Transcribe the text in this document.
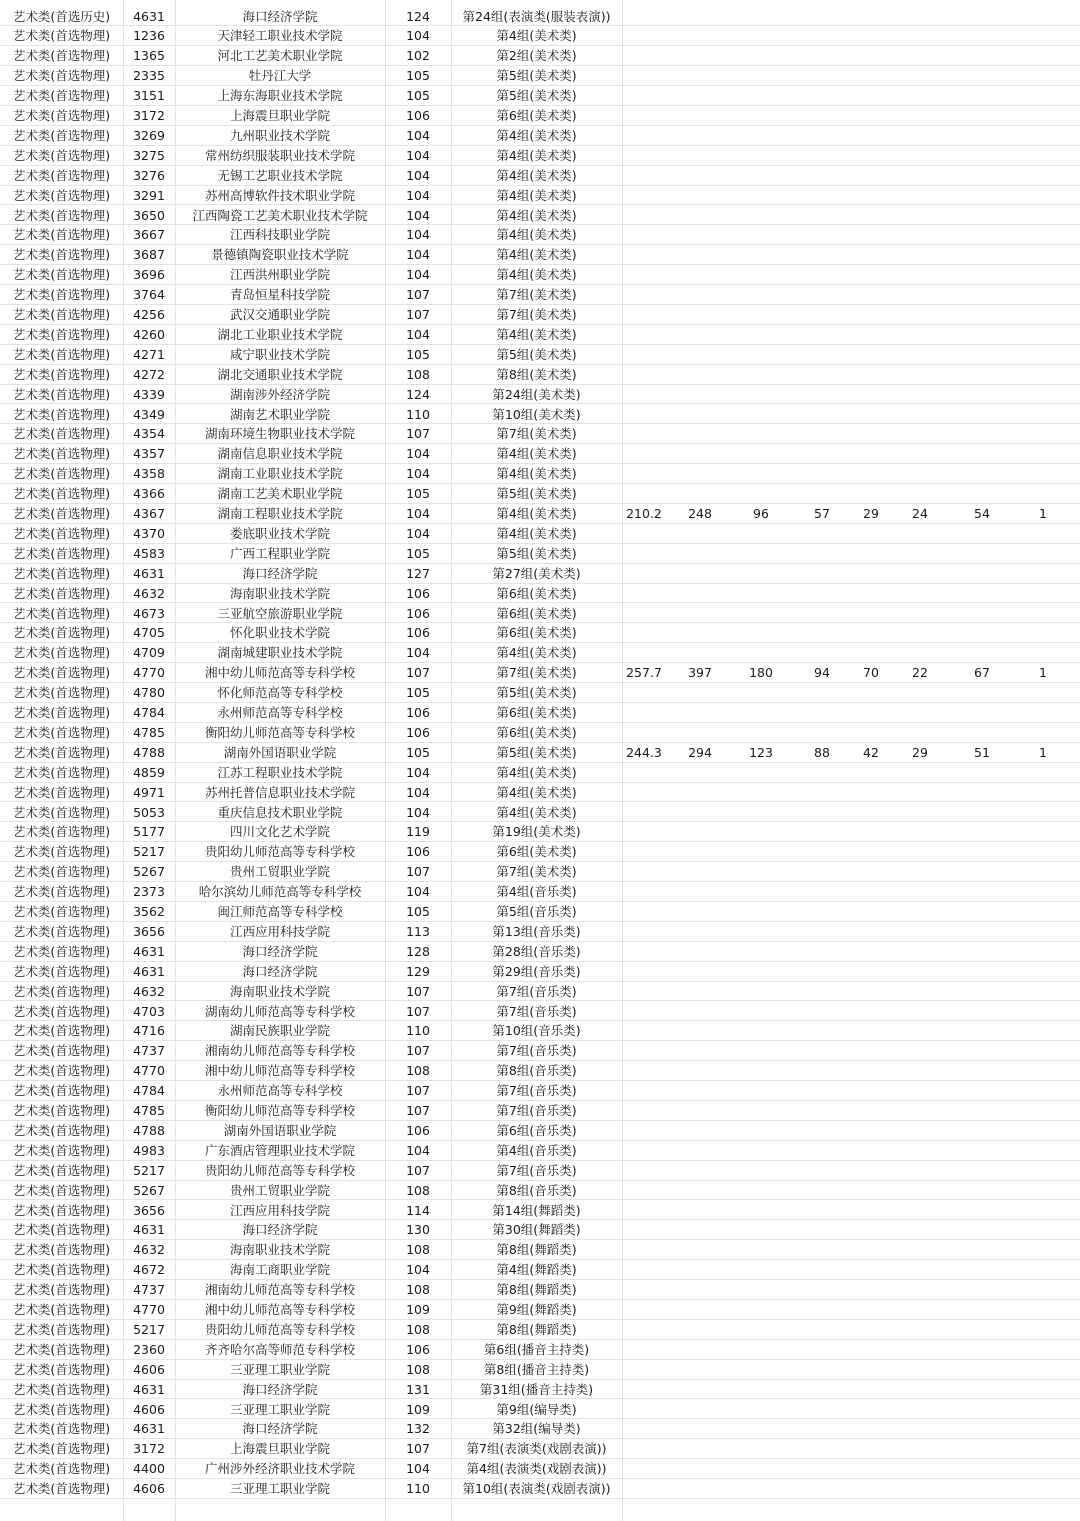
艺术类(首选历史)	4631	海口经济学院	124	第24组(表演类(服装表演))
艺术类(首选物理)	1236	天津轻工职业技术学院	104	第4组(美术类)
艺术类(首选物理)	1365	河北工艺美术职业学院	102	第2组(美术类)
艺术类(首选物理)	2335	牡丹江大学	105	第5组(美术类)
艺术类(首选物理)	3151	上海东海职业技术学院	105	第5组(美术类)
艺术类(首选物理)	3172	上海震旦职业学院	106	第6组(美术类)
艺术类(首选物理)	3269	九州职业技术学院	104	第4组(美术类)
艺术类(首选物理)	3275	常州纺织服装职业技术学院	104	第4组(美术类)
艺术类(首选物理)	3276	无锡工艺职业技术学院	104	第4组(美术类)
艺术类(首选物理)	3291	苏州高博软件技术职业学院	104	第4组(美术类)
艺术类(首选物理)	3650	江西陶瓷工艺美术职业技术学院	104	第4组(美术类)
艺术类(首选物理)	3667	江西科技职业学院	104	第4组(美术类)
艺术类(首选物理)	3687	景德镇陶瓷职业技术学院	104	第4组(美术类)
艺术类(首选物理)	3696	江西洪州职业学院	104	第4组(美术类)
艺术类(首选物理)	3764	青岛恒星科技学院	107	第7组(美术类)
艺术类(首选物理)	4256	武汉交通职业学院	107	第7组(美术类)
艺术类(首选物理)	4260	湖北工业职业技术学院	104	第4组(美术类)
艺术类(首选物理)	4271	咸宁职业技术学院	105	第5组(美术类)
艺术类(首选物理)	4272	湖北交通职业技术学院	108	第8组(美术类)
艺术类(首选物理)	4339	湖南涉外经济学院	124	第24组(美术类)
艺术类(首选物理)	4349	湖南艺术职业学院	110	第10组(美术类)
艺术类(首选物理)	4354	湖南环境生物职业技术学院	107	第7组(美术类)
艺术类(首选物理)	4357	湖南信息职业技术学院	104	第4组(美术类)
艺术类(首选物理)	4358	湖南工业职业技术学院	104	第4组(美术类)
艺术类(首选物理)	4366	湖南工艺美术职业学院	105	第5组(美术类)
艺术类(首选物理)	4367	湖南工程职业技术学院	104	第4组(美术类)	210.2	248	96	57	29	24	54	1
艺术类(首选物理)	4370	娄底职业技术学院	104	第4组(美术类)
艺术类(首选物理)	4583	广西工程职业学院	105	第5组(美术类)
艺术类(首选物理)	4631	海口经济学院	127	第27组(美术类)
艺术类(首选物理)	4632	海南职业技术学院	106	第6组(美术类)
艺术类(首选物理)	4673	三亚航空旅游职业学院	106	第6组(美术类)
艺术类(首选物理)	4705	怀化职业技术学院	106	第6组(美术类)
艺术类(首选物理)	4709	湖南城建职业技术学院	104	第4组(美术类)
艺术类(首选物理)	4770	湘中幼儿师范高等专科学校	107	第7组(美术类)	257.7	397	180	94	70	22	67	1
艺术类(首选物理)	4780	怀化师范高等专科学校	105	第5组(美术类)
艺术类(首选物理)	4784	永州师范高等专科学校	106	第6组(美术类)
艺术类(首选物理)	4785	衡阳幼儿师范高等专科学校	106	第6组(美术类)
艺术类(首选物理)	4788	湖南外国语职业学院	105	第5组(美术类)	244.3	294	123	88	42	29	51	1
艺术类(首选物理)	4859	江苏工程职业技术学院	104	第4组(美术类)
艺术类(首选物理)	4971	苏州托普信息职业技术学院	104	第4组(美术类)
艺术类(首选物理)	5053	重庆信息技术职业学院	104	第4组(美术类)
艺术类(首选物理)	5177	四川文化艺术学院	119	第19组(美术类)
艺术类(首选物理)	5217	贵阳幼儿师范高等专科学校	106	第6组(美术类)
艺术类(首选物理)	5267	贵州工贸职业学院	107	第7组(美术类)
艺术类(首选物理)	2373	哈尔滨幼儿师范高等专科学校	104	第4组(音乐类)
艺术类(首选物理)	3562	闽江师范高等专科学校	105	第5组(音乐类)
艺术类(首选物理)	3656	江西应用科技学院	113	第13组(音乐类)
艺术类(首选物理)	4631	海口经济学院	128	第28组(音乐类)
艺术类(首选物理)	4631	海口经济学院	129	第29组(音乐类)
艺术类(首选物理)	4632	海南职业技术学院	107	第7组(音乐类)
艺术类(首选物理)	4703	湖南幼儿师范高等专科学校	107	第7组(音乐类)
艺术类(首选物理)	4716	湖南民族职业学院	110	第10组(音乐类)
艺术类(首选物理)	4737	湘南幼儿师范高等专科学校	107	第7组(音乐类)
艺术类(首选物理)	4770	湘中幼儿师范高等专科学校	108	第8组(音乐类)
艺术类(首选物理)	4784	永州师范高等专科学校	107	第7组(音乐类)
艺术类(首选物理)	4785	衡阳幼儿师范高等专科学校	107	第7组(音乐类)
艺术类(首选物理)	4788	湖南外国语职业学院	106	第6组(音乐类)
艺术类(首选物理)	4983	广东酒店管理职业技术学院	104	第4组(音乐类)
艺术类(首选物理)	5217	贵阳幼儿师范高等专科学校	107	第7组(音乐类)
艺术类(首选物理)	5267	贵州工贸职业学院	108	第8组(音乐类)
艺术类(首选物理)	3656	江西应用科技学院	114	第14组(舞蹈类)
艺术类(首选物理)	4631	海口经济学院	130	第30组(舞蹈类)
艺术类(首选物理)	4632	海南职业技术学院	108	第8组(舞蹈类)
艺术类(首选物理)	4672	海南工商职业学院	104	第4组(舞蹈类)
艺术类(首选物理)	4737	湘南幼儿师范高等专科学校	108	第8组(舞蹈类)
艺术类(首选物理)	4770	湘中幼儿师范高等专科学校	109	第9组(舞蹈类)
艺术类(首选物理)	5217	贵阳幼儿师范高等专科学校	108	第8组(舞蹈类)
艺术类(首选物理)	2360	齐齐哈尔高等师范专科学校	106	第6组(播音主持类)
艺术类(首选物理)	4606	三亚理工职业学院	108	第8组(播音主持类)
艺术类(首选物理)	4631	海口经济学院	131	第31组(播音主持类)
艺术类(首选物理)	4606	三亚理工职业学院	109	第9组(编导类)
艺术类(首选物理)	4631	海口经济学院	132	第32组(编导类)
艺术类(首选物理)	3172	上海震旦职业学院	107	第7组(表演类(戏剧表演))
艺术类(首选物理)	4400	广州涉外经济职业技术学院	104	第4组(表演类(戏剧表演))
艺术类(首选物理)	4606	三亚理工职业学院	110	第10组(表演类(戏剧表演))
